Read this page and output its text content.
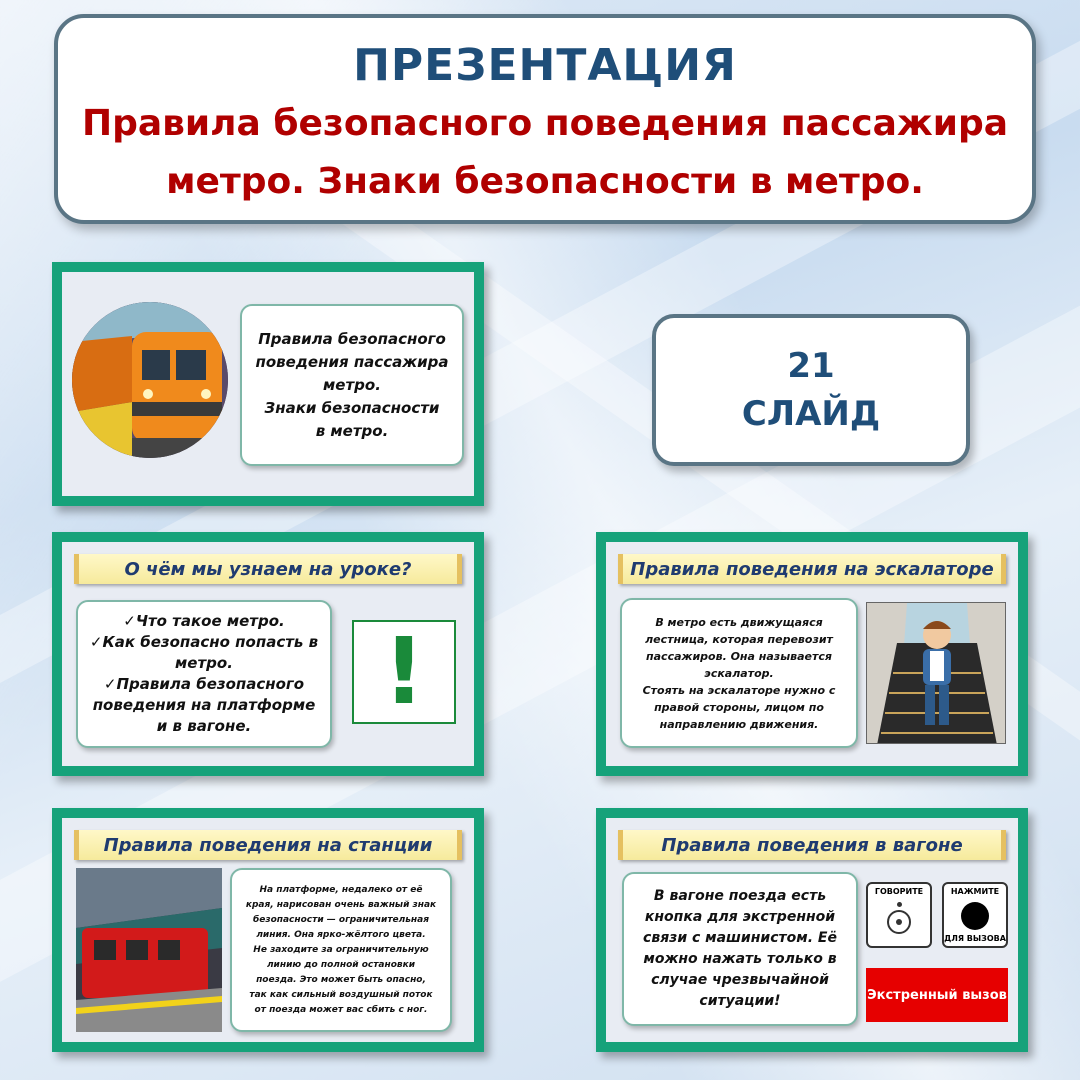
ПРЕЗЕНТАЦИЯ
Правила безопасного поведения пассажира
метро. Знаки безопасности в метро.
Правила безопасного
поведения пассажира
метро.
Знаки безопасности
в метро.
21
СЛАЙД
О чём мы узнаем на уроке?
✓Что такое метро.
✓Как безопасно попасть в
метро.
✓Правила безопасного
поведения на платформе
и в вагоне.
!
Правила поведения на эскалаторе
В метро есть движущаяся
лестница, которая перевозит
пассажиров. Она называется
эскалатор.
Стоять на эскалаторе нужно с
правой стороны, лицом по
направлению движения.
Правила поведения на станции
На платформе, недалеко от её
края, нарисован очень важный знак
безопасности — ограничительная
линия. Она ярко-жёлтого цвета.
Не заходите за ограничительную
линию до полной остановки
поезда. Это может быть опасно,
так как сильный воздушный поток
от поезда может вас сбить с ног.
Правила поведения в вагоне
В вагоне поезда есть
кнопка для экстренной
связи с машинистом. Её
можно нажать только в
случае чрезвычайной
ситуации!
ГОВОРИТЕ	НАЖМИТЕ
ДЛЯ ВЫЗОВА
Экстренный вызов
